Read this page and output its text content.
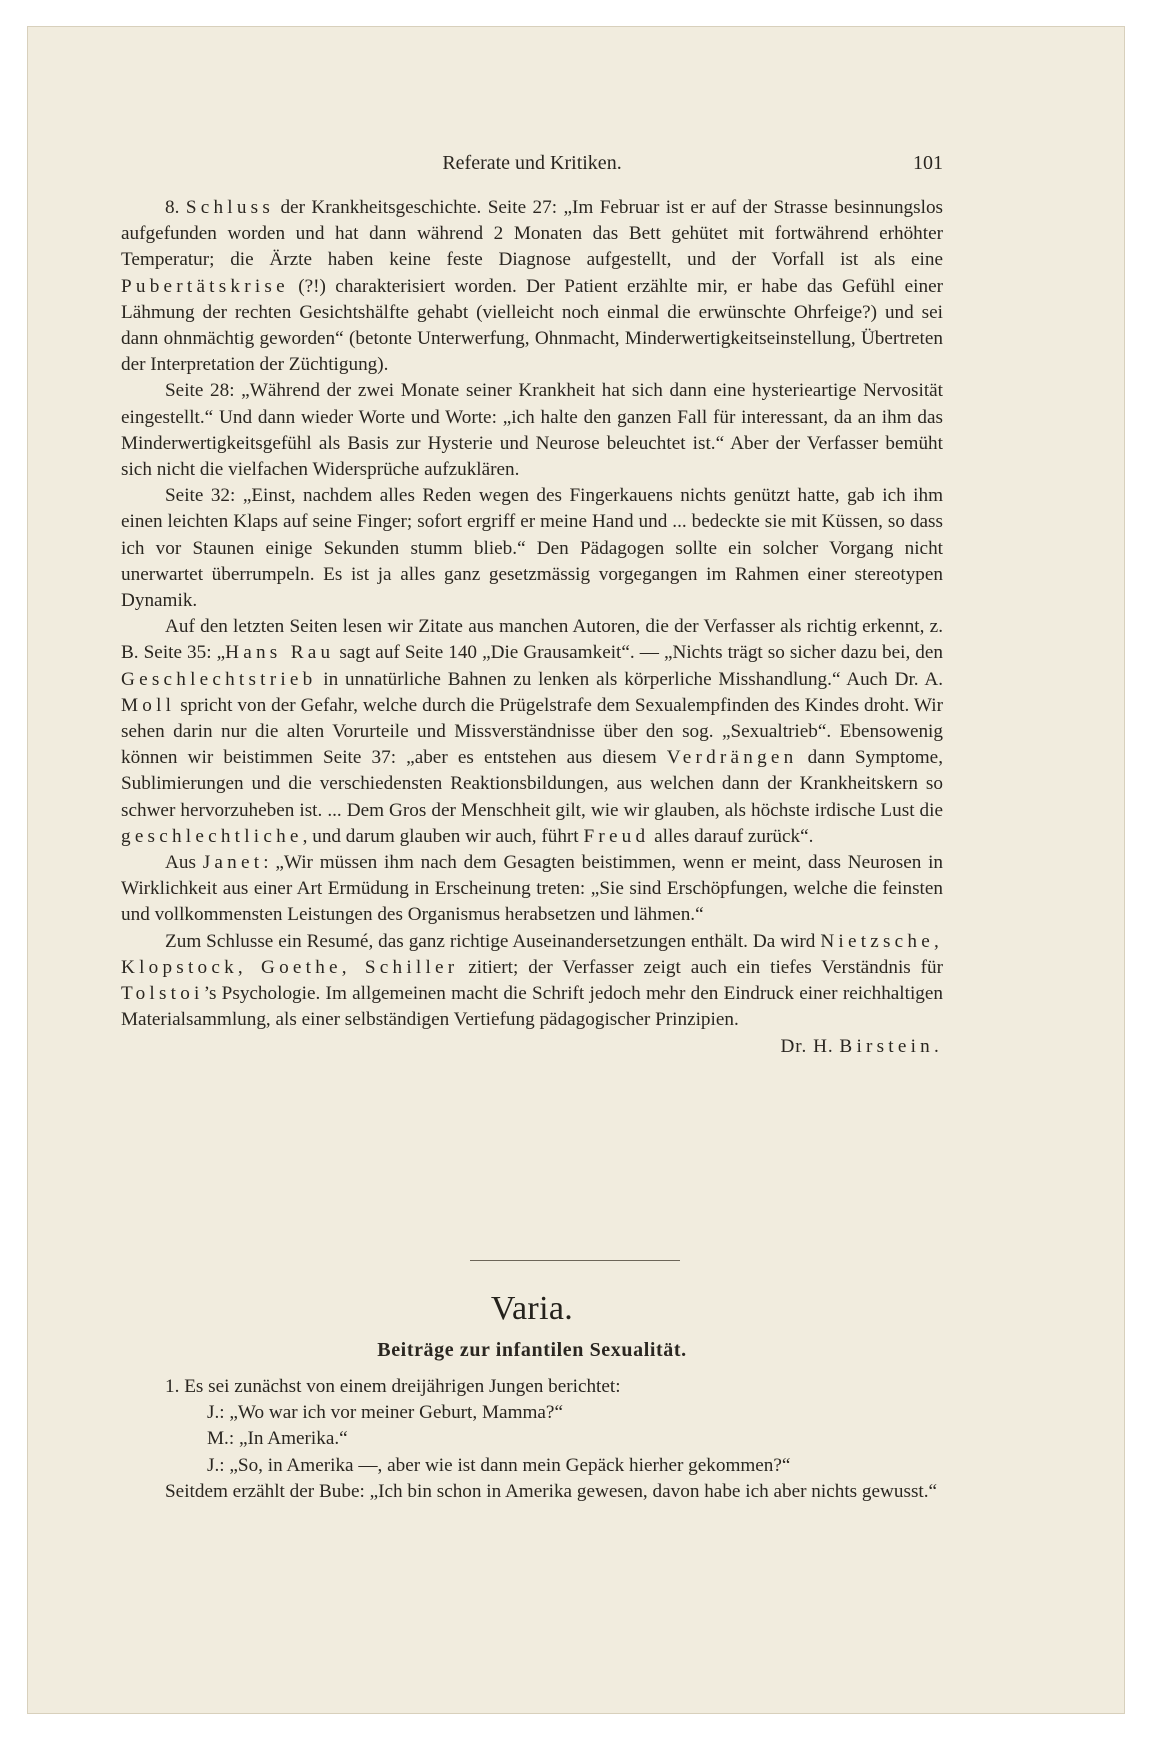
Referate und Kritiken.	101

8. Schluss der Krankheitsgeschichte. Seite 27: „Im Februar ist er auf der Strasse besinnungslos aufgefunden worden und hat dann während 2 Monaten das Bett gehütet mit fortwährend erhöhter Temperatur; die Ärzte haben keine feste Diagnose aufgestellt, und der Vorfall ist als eine Pubertätskrise (?!) charakterisiert worden. Der Patient erzählte mir, er habe das Gefühl einer Lähmung der rechten Gesichtshälfte gehabt (vielleicht noch einmal die erwünschte Ohrfeige?) und sei dann ohnmächtig geworden“ (betonte Unterwerfung, Ohnmacht, Minderwertigkeitseinstellung, Übertreten der Interpretation der Züchtigung).

Seite 28: „Während der zwei Monate seiner Krankheit hat sich dann eine hysterieartige Nervosität eingestellt.“ Und dann wieder Worte und Worte: „ich halte den ganzen Fall für interessant, da an ihm das Minderwertigkeitsgefühl als Basis zur Hysterie und Neurose beleuchtet ist.“ Aber der Verfasser bemüht sich nicht die vielfachen Widersprüche aufzuklären.

Seite 32: „Einst, nachdem alles Reden wegen des Fingerkauens nichts genützt hatte, gab ich ihm einen leichten Klaps auf seine Finger; sofort ergriff er meine Hand und ... bedeckte sie mit Küssen, so dass ich vor Staunen einige Sekunden stumm blieb.“ Den Pädagogen sollte ein solcher Vorgang nicht unerwartet überrumpeln. Es ist ja alles ganz gesetzmässig vorgegangen im Rahmen einer stereotypen Dynamik.

Auf den letzten Seiten lesen wir Zitate aus manchen Autoren, die der Verfasser als richtig erkennt, z. B. Seite 35: „Hans Rau sagt auf Seite 140 „Die Grausamkeit“. — „Nichts trägt so sicher dazu bei, den Geschlechtstrieb in unnatürliche Bahnen zu lenken als körperliche Misshandlung.“ Auch Dr. A. Moll spricht von der Gefahr, welche durch die Prügelstrafe dem Sexualempfinden des Kindes droht. Wir sehen darin nur die alten Vorurteile und Missverständnisse über den sog. „Sexualtrieb“. Ebensowenig können wir beistimmen Seite 37: „aber es entstehen aus diesem Verdrängen dann Symptome, Sublimierungen und die verschiedensten Reaktionsbildungen, aus welchen dann der Krankheitskern so schwer hervorzuheben ist. ... Dem Gros der Menschheit gilt, wie wir glauben, als höchste irdische Lust die geschlechtliche, und darum glauben wir auch, führt Freud alles darauf zurück“.

Aus Janet: „Wir müssen ihm nach dem Gesagten beistimmen, wenn er meint, dass Neurosen in Wirklichkeit aus einer Art Ermüdung in Erscheinung treten: „Sie sind Erschöpfungen, welche die feinsten und vollkommensten Leistungen des Organismus herabsetzen und lähmen.“

Zum Schlusse ein Resumé, das ganz richtige Auseinandersetzungen enthält. Da wird Nietzsche, Klopstock, Goethe, Schiller zitiert; der Verfasser zeigt auch ein tiefes Verständnis für Tolstoi’s Psychologie. Im allgemeinen macht die Schrift jedoch mehr den Eindruck einer reichhaltigen Materialsammlung, als einer selbständigen Vertiefung pädagogischer Prinzipien.
Dr. H. Birstein.

Varia.
Beiträge zur infantilen Sexualität.

1. Es sei zunächst von einem dreijährigen Jungen berichtet:

J.: „Wo war ich vor meiner Geburt, Mamma?“

M.: „In Amerika.“

J.: „So, in Amerika —, aber wie ist dann mein Gepäck hierher gekommen?“

Seitdem erzählt der Bube: „Ich bin schon in Amerika gewesen, davon habe ich aber nichts gewusst.“
